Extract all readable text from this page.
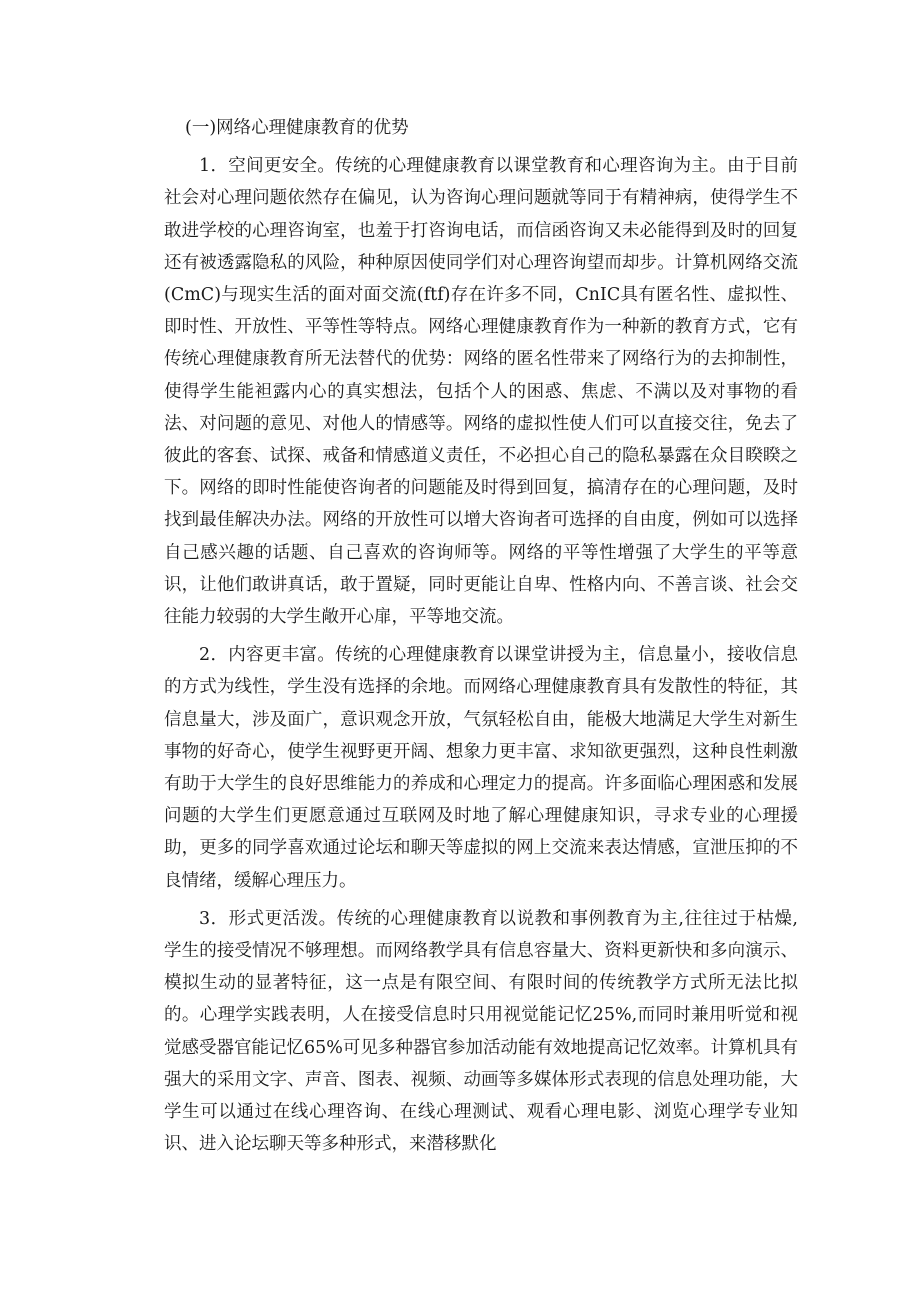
(一)网络心理健康教育的优势

1．空间更安全。传统的心理健康教育以课堂教育和心理咨询为主。由于目前社会对心理问题依然存在偏见，认为咨询心理问题就等同于有精神病，使得学生不敢进学校的心理咨询室，也羞于打咨询电话，而信函咨询又未必能得到及时的回复还有被透露隐私的风险，种种原因使同学们对心理咨询望而却步。计算机网络交流(CmC)与现实生活的面对面交流(ftf)存在许多不同，CnIC具有匿名性、虚拟性、即时性、开放性、平等性等特点。网络心理健康教育作为一种新的教育方式，它有传统心理健康教育所无法替代的优势：网络的匿名性带来了网络行为的去抑制性，使得学生能袒露内心的真实想法，包括个人的困惑、焦虑、不满以及对事物的看法、对问题的意见、对他人的情感等。网络的虚拟性使人们可以直接交往，免去了彼此的客套、试探、戒备和情感道义责任，不必担心自己的隐私暴露在众目睽睽之下。网络的即时性能使咨询者的问题能及时得到回复，搞清存在的心理问题，及时找到最佳解决办法。网络的开放性可以增大咨询者可选择的自由度，例如可以选择自己感兴趣的话题、自己喜欢的咨询师等。网络的平等性增强了大学生的平等意识，让他们敢讲真话，敢于置疑，同时更能让自卑、性格内向、不善言谈、社会交往能力较弱的大学生敞开心扉，平等地交流。

2．内容更丰富。传统的心理健康教育以课堂讲授为主，信息量小，接收信息的方式为线性，学生没有选择的余地。而网络心理健康教育具有发散性的特征，其信息量大，涉及面广，意识观念开放，气氛轻松自由，能极大地满足大学生对新生事物的好奇心，使学生视野更开阔、想象力更丰富、求知欲更强烈，这种良性刺激有助于大学生的良好思维能力的养成和心理定力的提高。许多面临心理困惑和发展问题的大学生们更愿意通过互联网及时地了解心理健康知识，寻求专业的心理援助，更多的同学喜欢通过论坛和聊天等虚拟的网上交流来表达情感，宣泄压抑的不良情绪，缓解心理压力。

3．形式更活泼。传统的心理健康教育以说教和事例教育为主,往往过于枯燥,学生的接受情况不够理想。而网络教学具有信息容量大、资料更新快和多向演示、模拟生动的显著特征，这一点是有限空间、有限时间的传统教学方式所无法比拟的。心理学实践表明，人在接受信息时只用视觉能记忆25%,而同时兼用听觉和视觉感受器官能记忆65%可见多种器官参加活动能有效地提高记忆效率。计算机具有强大的采用文字、声音、图表、视频、动画等多媒体形式表现的信息处理功能，大学生可以通过在线心理咨询、在线心理测试、观看心理电影、浏览心理学专业知识、进入论坛聊天等多种形式，来潜移默化
